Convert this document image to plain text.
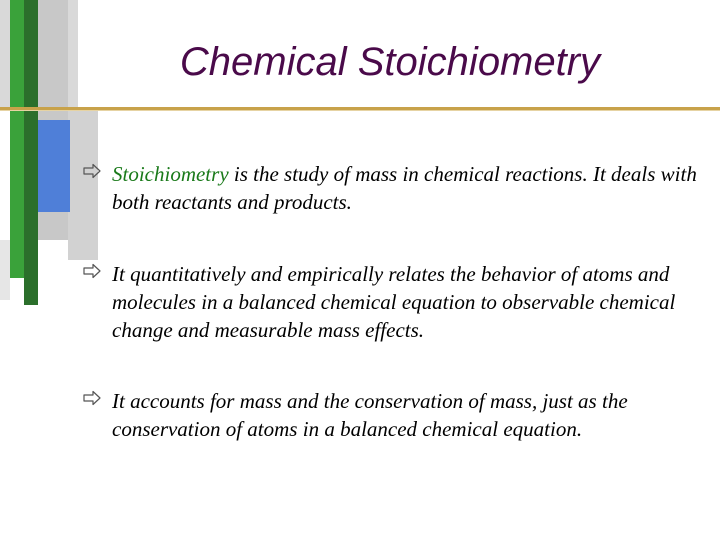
Chemical Stoichiometry
Stoichiometry is the study of mass in chemical reactions. It deals with both reactants and products.
It quantitatively and empirically relates the behavior of atoms and molecules in a balanced chemical equation to observable chemical change and measurable mass effects.
It accounts for mass and the conservation of mass, just as the conservation of atoms in a balanced chemical equation.
